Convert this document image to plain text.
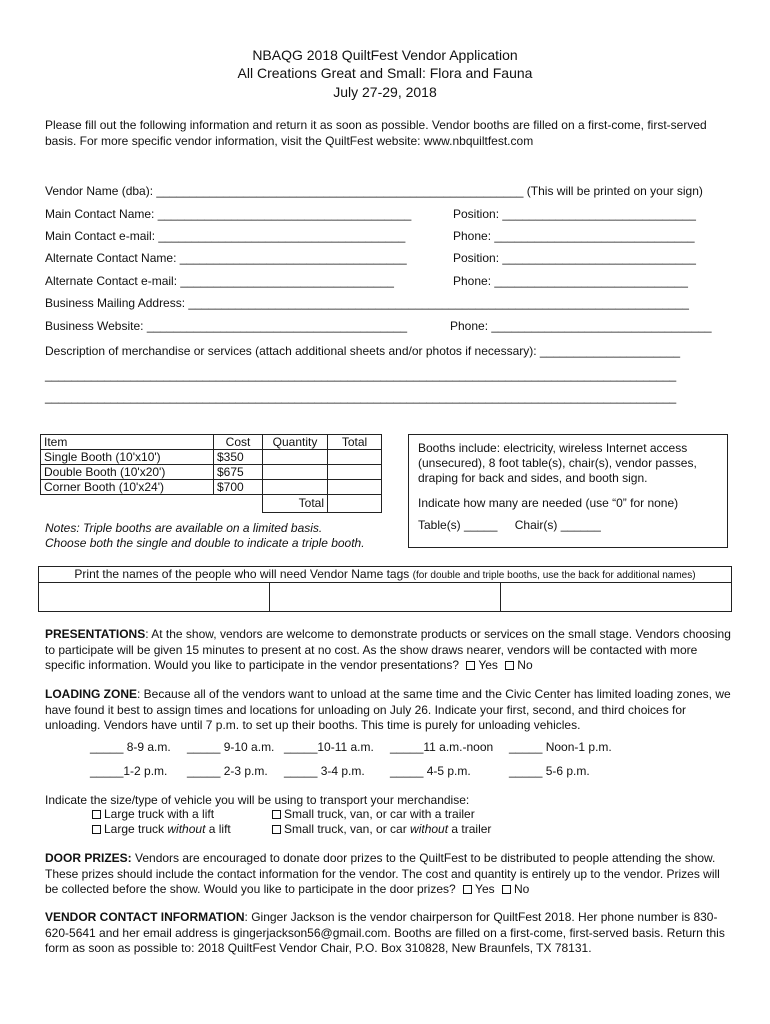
NBAQG 2018 QuiltFest Vendor Application
All Creations Great and Small: Flora and Fauna
July 27-29, 2018
Please fill out the following information and return it as soon as possible. Vendor booths are filled on a first-come, first-served basis. For more specific vendor information, visit the QuiltFest website: www.nbquiltfest.com
Vendor Name (dba): _______________________________________________________ (This will be printed on your sign)
Main Contact Name: ______________________________________	Position: _____________________________
Main Contact e-mail: _____________________________________	Phone: ______________________________
Alternate Contact Name: __________________________________	Position: _____________________________
Alternate Contact e-mail: ________________________________	Phone: _____________________________
Business Mailing Address: ___________________________________________________________________________
Business Website: _______________________________________	Phone: _________________________________
Description of merchandise or services (attach additional sheets and/or photos if necessary): _____________________
________________________________________________________________________________________________
________________________________________________________________________________________________
Item	Cost	Quantity	Total
Single Booth (10'x10')	$350		
Double Booth (10'x20')	$675		
Corner Booth (10'x24')	$700		
		Total	
Notes: Triple booths are available on a limited basis.
Choose both the single and double to indicate a triple booth.
Booths include: electricity, wireless Internet access (unsecured), 8 foot table(s), chair(s), vendor passes, draping for back and sides, and booth sign.
Indicate how many are needed (use “0” for none)
Table(s) _____ Chair(s) ______
Print the names of the people who will need Vendor Name tags (for double and triple booths, use the back for additional names)
PRESENTATIONS: At the show, vendors are welcome to demonstrate products or services on the small stage. Vendors choosing to participate will be given 15 minutes to present at no cost. As the show draws nearer, vendors will be contacted with more specific information. Would you like to participate in the vendor presentations? Yes No
LOADING ZONE: Because all of the vendors want to unload at the same time and the Civic Center has limited loading zones, we have found it best to assign times and locations for unloading on July 26. Indicate your first, second, and third choices for unloading. Vendors have until 7 p.m. to set up their booths. This time is purely for unloading vehicles.
_____ 8-9 a.m. _____ 9-10 a.m. _____10-11 a.m. _____11 a.m.-noon _____ Noon-1 p.m.
_____1-2 p.m. _____ 2-3 p.m. _____ 3-4 p.m. _____ 4-5 p.m.	_____ 5-6 p.m.
Indicate the size/type of vehicle you will be using to transport your merchandise:
Large truck with a lift
Large truck without a lift
Small truck, van, or car with a trailer
Small truck, van, or car without a trailer
DOOR PRIZES: Vendors are encouraged to donate door prizes to the QuiltFest to be distributed to people attending the show. These prizes should include the contact information for the vendor. The cost and quantity is entirely up to the vendor. Prizes will be collected before the show. Would you like to participate in the door prizes? Yes No
VENDOR CONTACT INFORMATION: Ginger Jackson is the vendor chairperson for QuiltFest 2018. Her phone number is 830-620-5641 and her email address is gingerjackson56@gmail.com. Booths are filled on a first-come, first-served basis. Return this form as soon as possible to: 2018 QuiltFest Vendor Chair, P.O. Box 310828, New Braunfels, TX 78131.
